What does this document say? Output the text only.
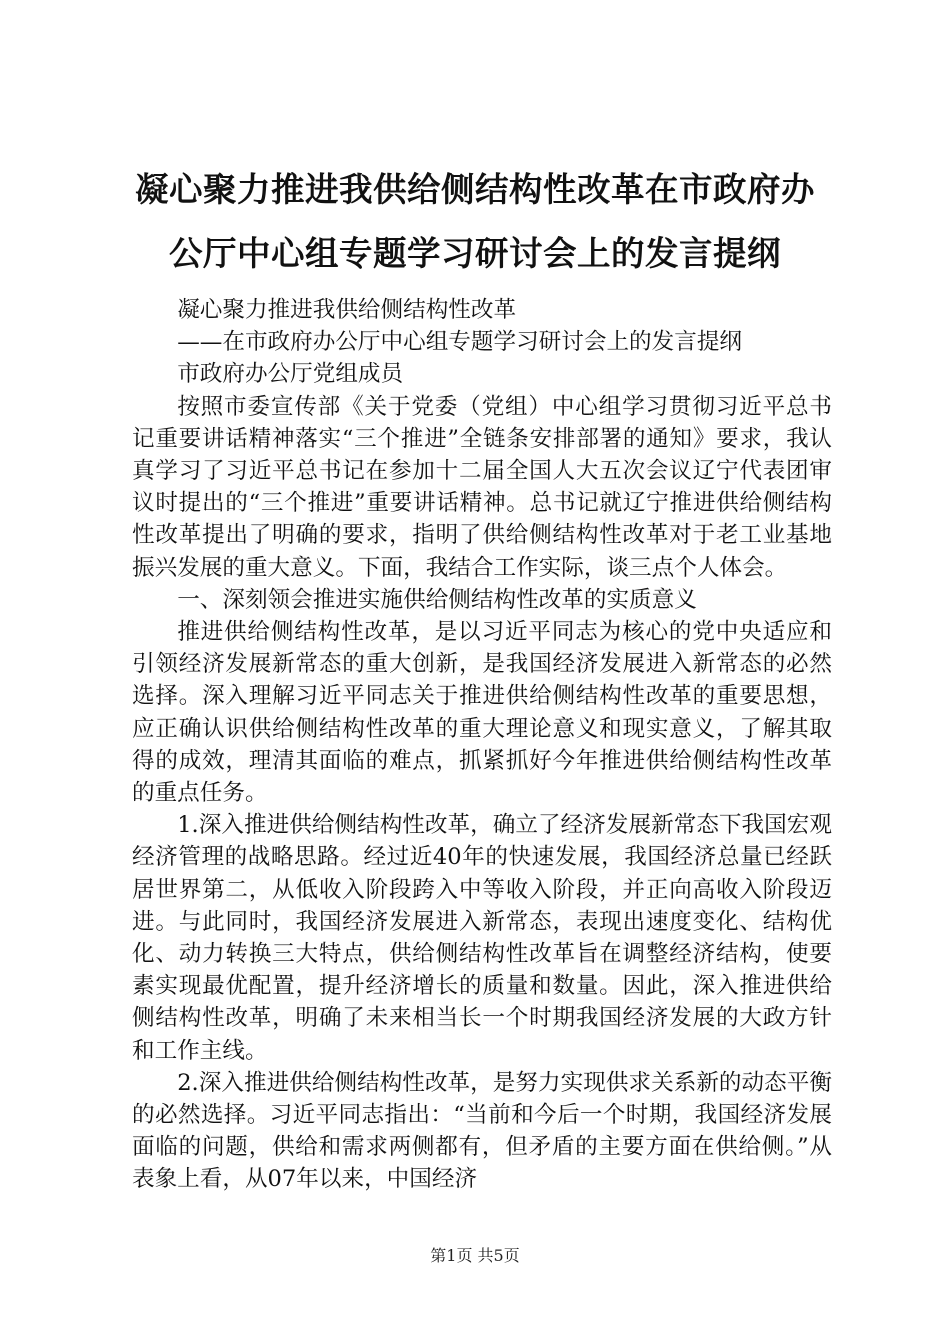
凝心聚力推进我供给侧结构性改革在市政府办
公厅中心组专题学习研讨会上的发言提纲

凝心聚力推进我供给侧结构性改革

——在市政府办公厅中心组专题学习研讨会上的发言提纲

市政府办公厅党组成员

按照市委宣传部《关于党委（党组）中心组学习贯彻习近平总书记重要讲话精神落实“三个推进”全链条安排部署的通知》要求，我认真学习了习近平总书记在参加十二届全国人大五次会议辽宁代表团审议时提出的“三个推进”重要讲话精神。总书记就辽宁推进供给侧结构性改革提出了明确的要求，指明了供给侧结构性改革对于老工业基地振兴发展的重大意义。下面，我结合工作实际，谈三点个人体会。

一、深刻领会推进实施供给侧结构性改革的实质意义

推进供给侧结构性改革，是以习近平同志为核心的党中央适应和引领经济发展新常态的重大创新，是我国经济发展进入新常态的必然选择。深入理解习近平同志关于推进供给侧结构性改革的重要思想，应正确认识供给侧结构性改革的重大理论意义和现实意义，了解其取得的成效，理清其面临的难点，抓紧抓好今年推进供给侧结构性改革的重点任务。

1.深入推进供给侧结构性改革，确立了经济发展新常态下我国宏观经济管理的战略思路。经过近40年的快速发展，我国经济总量已经跃居世界第二，从低收入阶段跨入中等收入阶段，并正向高收入阶段迈进。与此同时，我国经济发展进入新常态，表现出速度变化、结构优化、动力转换三大特点，供给侧结构性改革旨在调整经济结构，使要素实现最优配置，提升经济增长的质量和数量。因此，深入推进供给侧结构性改革，明确了未来相当长一个时期我国经济发展的大政方针和工作主线。

2.深入推进供给侧结构性改革，是努力实现供求关系新的动态平衡的必然选择。习近平同志指出：“当前和今后一个时期，我国经济发展面临的问题，供给和需求两侧都有，但矛盾的主要方面在供给侧。”从表象上看，从07年以来，中国经济

第1页 共5页
